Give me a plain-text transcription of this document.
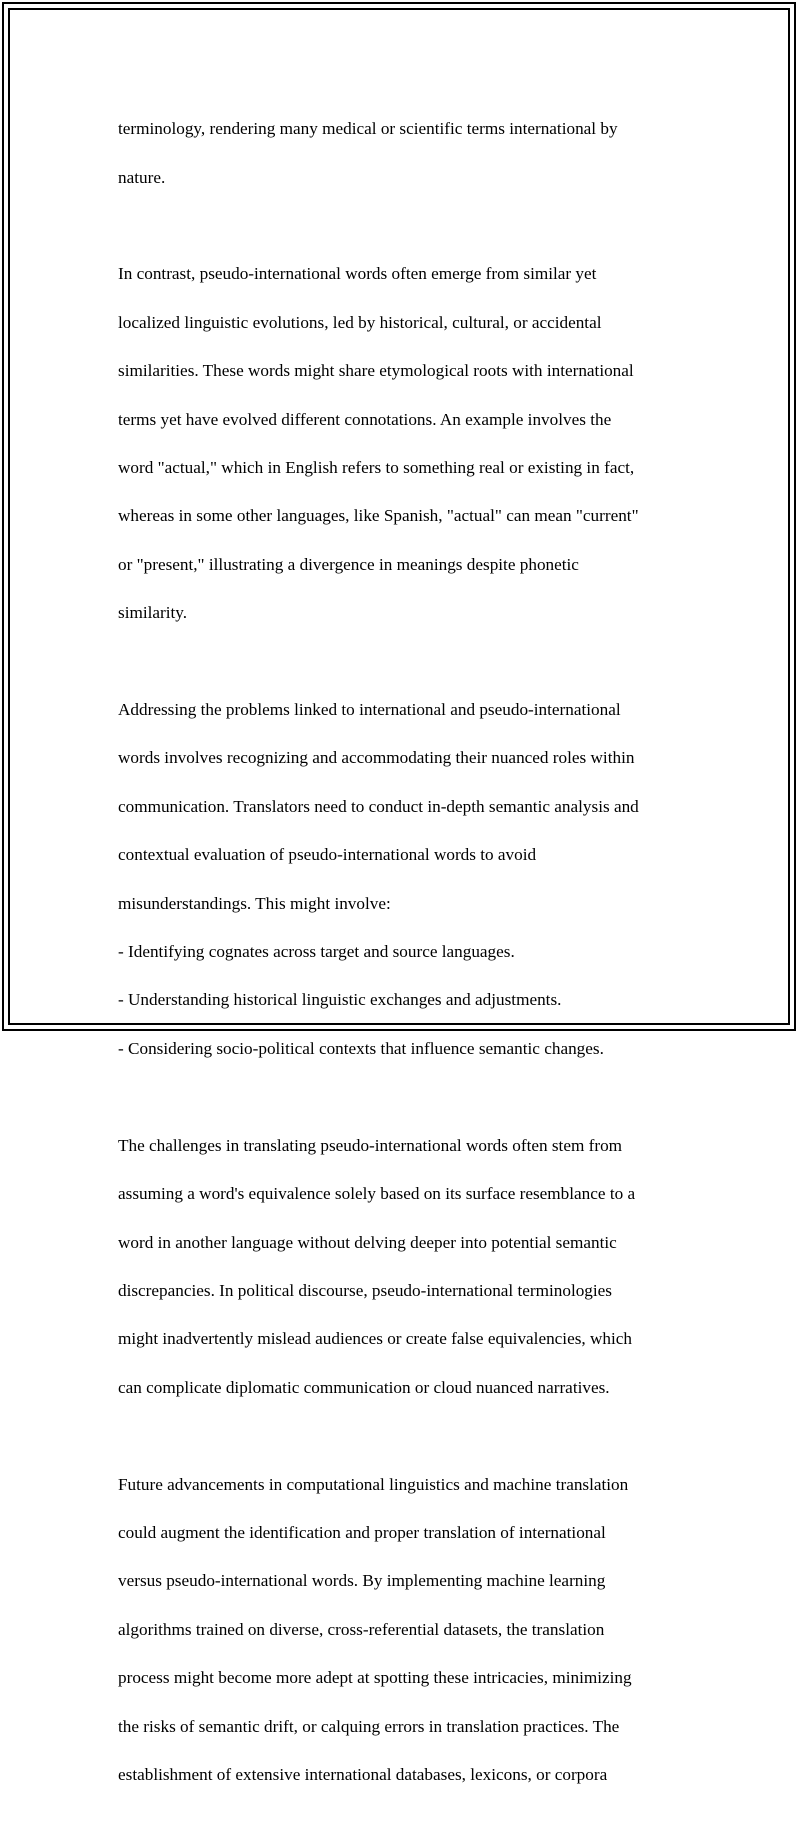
terminology, rendering many medical or scientific terms international by

nature.

In contrast, pseudo-international words often emerge from similar yet

localized linguistic evolutions, led by historical, cultural, or accidental

similarities. These words might share etymological roots with international

terms yet have evolved different connotations. An example involves the

word "actual," which in English refers to something real or existing in fact,

whereas in some other languages, like Spanish, "actual" can mean "current"

or "present," illustrating a divergence in meanings despite phonetic

similarity.

Addressing the problems linked to international and pseudo-international

words involves recognizing and accommodating their nuanced roles within

communication. Translators need to conduct in-depth semantic analysis and

contextual evaluation of pseudo-international words to avoid

misunderstandings. This might involve:

- Identifying cognates across target and source languages.

- Understanding historical linguistic exchanges and adjustments.

- Considering socio-political contexts that influence semantic changes.

The challenges in translating pseudo-international words often stem from

assuming a word's equivalence solely based on its surface resemblance to a

word in another language without delving deeper into potential semantic

discrepancies. In political discourse, pseudo-international terminologies

might inadvertently mislead audiences or create false equivalencies, which

can complicate diplomatic communication or cloud nuanced narratives.

Future advancements in computational linguistics and machine translation

could augment the identification and proper translation of international

versus pseudo-international words. By implementing machine learning

algorithms trained on diverse, cross-referential datasets, the translation

process might become more adept at spotting these intricacies, minimizing

the risks of semantic drift, or calquing errors in translation practices. The

establishment of extensive international databases, lexicons, or corpora
